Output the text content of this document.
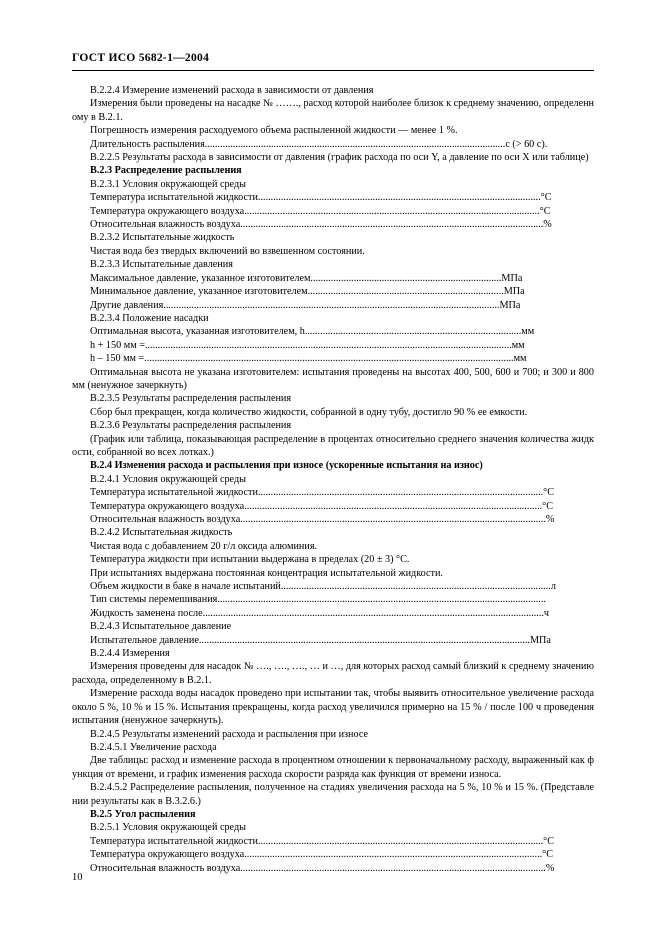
ГОСТ ИСО 5682-1—2004

B.2.2.4 Измерение изменений расхода в зависимости от давления

Измерения были проведены на насадке № ……., расход которой наиболее близок к среднему значению, определенному в В.2.1.

Погрешность измерения расходуемого объема распыленной жидкости — менее 1 %.

Длительность распыления......................................................................................................................с (> 60 с).

B.2.2.5 Результаты расхода в зависимости от давления (график расхода по оси Y, а давление по оси X или таблице)

B.2.3 Распределение распыления

B.2.3.1 Условия окружающей среды

Температура испытательной жидкости...............................................................................................................°С

Температура окружающего воздуха....................................................................................................................°С

Относительная влажность воздуха.......................................................................................................................%

B.2.3.2 Испытательные жидкость

Чистая вода без твердых включений во взвешенном состоянии.

B.2.3.3 Испытательные давления

Максимальное давление, указанное изготовителем...........................................................................МПа

Минимальное давление, указанное изготовителем.............................................................................МПа

Другие давления....................................................................................................................................МПа

B.2.3.4 Положение насадки

Оптимальная высота, указанная изготовителем, h.....................................................................................мм

h + 150 мм =................................................................................................................................................мм

h – 150 мм =.................................................................................................................................................мм

Оптимальная высота не указана изготовителем: испытания проведены на высотах 400, 500, 600 и 700; и 300 и 800 мм (ненужное зачеркнуть)

B.2.3.5 Результаты распределения распыления

Сбор был прекращен, когда количество жидкости, собранной в одну тубу, достигло 90 % ее емкости.

B.2.3.6 Результаты распределения распыления

(График или таблица, показывающая распределение в процентах относительно среднего значения количества жидкости, собранной во всех лотках.)

B.2.4 Изменения расхода и распыления при износе (ускоренные испытания на износ)

B.2.4.1 Условия окружающей среды

Температура испытательной жидкости................................................................................................................°С

Температура окружающего воздуха.....................................................................................................................°С

Относительная влажность воздуха........................................................................................................................%

B.2.4.2 Испытательная жидкость

Чистая вода с добавлением 20 г/л оксида алюминия.

Температура жидкости при испытании выдержана в пределах (20 ± 3) °С.

При испытаниях выдержана постоянная концентрация испытательной жидкости.

Объем жидкости в баке в начале испытаний..........................................................................................................л

Тип системы перемешивания.................................................................................................................................

Жидкость заменена после......................................................................................................................................ч

B.2.4.3 Испытательное давление

Испытательное давление..................................................................................................................................МПа

B.2.4.4 Измерения

Измерения проведены для насадок № …., …., …., … и …, для которых расход самый близкий к среднему значению расхода, определенному в В.2.1.

Измерение расхода воды насадок проведено при испытании так, чтобы выявить относительное увеличение расхода около 5 %, 10 % и 15 %. Испытания прекращены, когда расход увеличился примерно на 15 % / после 100 ч проведения испытания (ненужное зачеркнуть).

B.2.4.5 Результаты изменений расхода и распыления при износе

B.2.4.5.1 Увеличение расхода

Две таблицы: расход и изменение расхода в процентном отношении к первоначальному расходу, выраженный как функция от времени, и график изменения расхода скорости разряда как функция от времени износа.

B.2.4.5.2 Распределение распыления, полученное на стадиях увеличения расхода на 5 %, 10 % и 15 %. (Представлении результаты как в В.3.2.6.)

B.2.5 Угол распыления

B.2.5.1 Условия окружающей среды

Температура испытательной жидкости................................................................................................................°С

Температура окружающего воздуха.....................................................................................................................°С

Относительная влажность воздуха........................................................................................................................%

10
